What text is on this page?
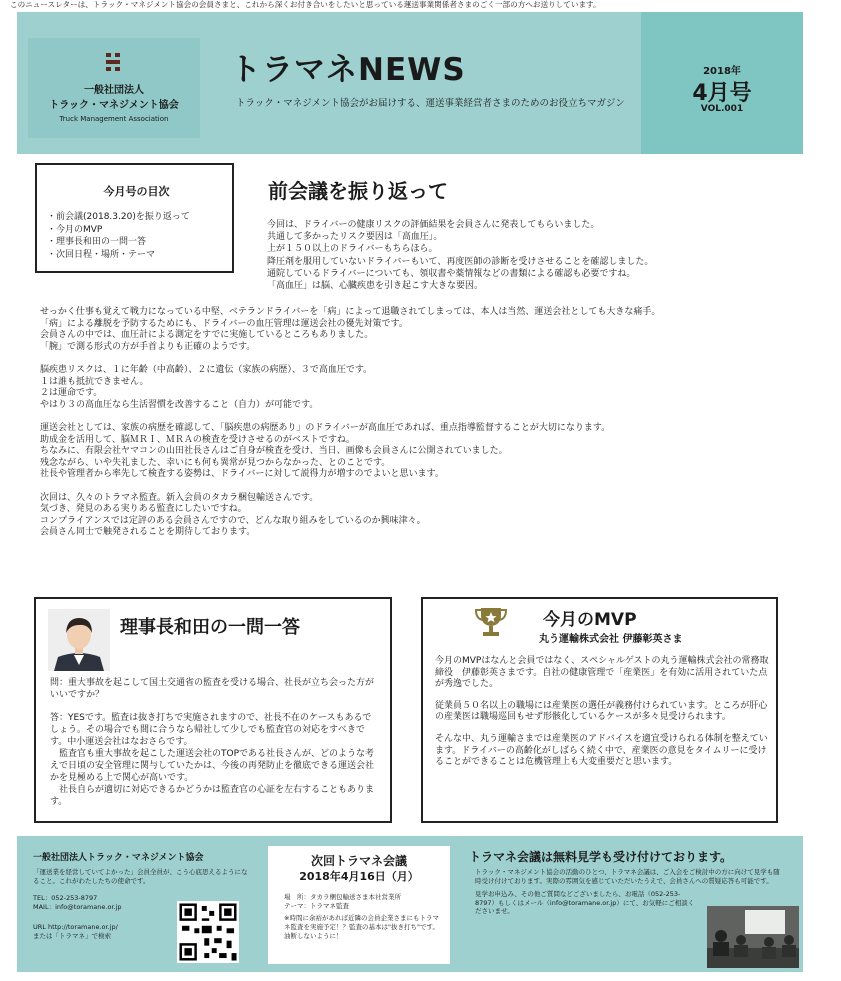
このニュースレターは、トラック・マネジメント協会の会員さまと、これから深くお付き合いをしたいと思っている運送事業関係者さまのごく一部の方へお送りしています。
一般社団法人
トラック・マネジメント協会
Truck Management Association
トラマネNEWS
トラック・マネジメント協会がお届けする、運送事業経営者さまのためのお役立ちマガジン
2018年
4月号
VOL.001
今月号の目次
・前会議(2018.3.20)を振り返って
・今月のMVP
・理事長和田の一問一答
・次回日程・場所・テーマ
前会議を振り返って
今回は、ドライバーの健康リスクの評価結果を会員さんに発表してもらいました。
共通して多かったリスク要因は「高血圧」。
上が１５０以上のドライバーもちらほら。
降圧剤を服用していないドライバーもいて、再度医師の診断を受けさせることを確認しました。
通院しているドライバーについても、領収書や薬情報などの書類による確認も必要ですね。
「高血圧」は脳、心臓疾患を引き起こす大きな要因。

せっかく仕事も覚えて戦力になっている中堅、ベテランドライバーを「病」によって退職されてしまっては、本人は当然、運送会社としても大きな痛手。
「病」による離脱を予防するためにも、ドライバーの血圧管理は運送会社の優先対策です。
会員さんの中では、血圧計による測定をすでに実施しているところもありました。
「腕」で測る形式の方が手首よりも正確のようです。

脳疾患リスクは、１に年齢（中高齢）、２に遺伝（家族の病歴）、３で高血圧です。
１は誰も抵抗できません。
２は運命です。
やはり３の高血圧なら生活習慣を改善すること（自力）が可能です。

運送会社としては、家族の病歴を確認して、「脳疾患の病歴あり」のドライバーが高血圧であれば、重点指導監督することが大切になります。
助成金を活用して、脳ＭＲＩ、ＭＲＡの検査を受けさせるのがベストですね。
ちなみに、有限会社ヤマコンの山田社長さんはご自身が検査を受け、当日、画像も会員さんに公開されていました。
残念ながら、いや失礼ました、幸いにも何も異常が見つからなかった、とのことです。
社長や管理者から率先して検査する姿勢は、ドライバーに対して説得力が増すのでよいと思います。

次回は、久々のトラマネ監査。新入会員のタカラ梱包輸送さんです。
気づき、発見のある実りある監査にしたいですね。
コンプライアンスでは定評のある会員さんですので、どんな取り組みをしているのか興味津々。
会員さん同士で触発されることを期待しております。

理事長和田の一問一答
問：重大事故を起こして国土交通省の監査を受ける場合、社長が立ち会った方がいいですか？
答：YESです。監査は抜き打ちで実施されますので、社長不在のケースもあるでしょう。その場合でも間に合うなら帰社して少しでも監査官の対応をすべきです。中小運送会社はなおさらです。
　監査官も重大事故を起こした運送会社のTOPである社長さんが、どのような考えで日頃の安全管理に関与していたかは、今後の再発防止を徹底できる運送会社かを見極める上で関心が高いです。
　社長自らが適切に対応できるかどうかは監査官の心証を左右することもあります。
今月のMVP
丸う運輸株式会社 伊藤彰英さま

今月のMVPはなんと会員ではなく、スペシャルゲストの丸う運輸株式会社の常務取締役　伊藤彰英さまです。自社の健康管理で「産業医」を有効に活用されていた点が秀逸でした。

従業員５０名以上の職場には産業医の選任が義務付けられています。ところが肝心の産業医は職場巡回もせず形骸化しているケースが多々見受けられます。

そんな中、丸う運輸さまでは産業医のアドバイスを適宜受けられる体制を整えています。ドライバーの高齢化がしばらく続く中で、産業医の意見をタイムリーに受けることができることは危機管理上も大変重要だと思います。

一般社団法人トラック・マネジメント協会
「運送業を経営していてよかった」会員全員が、こう心底思えるようになること。これがわたしたちの使命です。
TEL：052-253-8797
MAIL：info@toramane.or.jp
URL http://toramane.or.jp/
または「トラマネ」で検索
次回トラマネ会議
2018年4月16日（月）
場　所：タカラ梱包輸送さま本社営業所
テーマ：トラマネ監査
※時間に余裕があれば近隣の会員企業さまにもトラマネ監査を実施予定！？監査の基本は"抜き打ち"です。油断しないように！
トラマネ会議は無料見学も受け付けております。

トラック・マネジメント協会の活動のひとつ、トラマネ会議は、ご入会をご検討中の方に向けて見学も随時受け付けております。実際の雰囲気を感じていただいたうえで、会員さんへの質疑応答も可能です。

見学お申込み、その他ご質問などございましたら、お電話（052-253-8797）もしくはメール（info@toramane.or.jp）にて、お気軽にご相談くださいませ。
